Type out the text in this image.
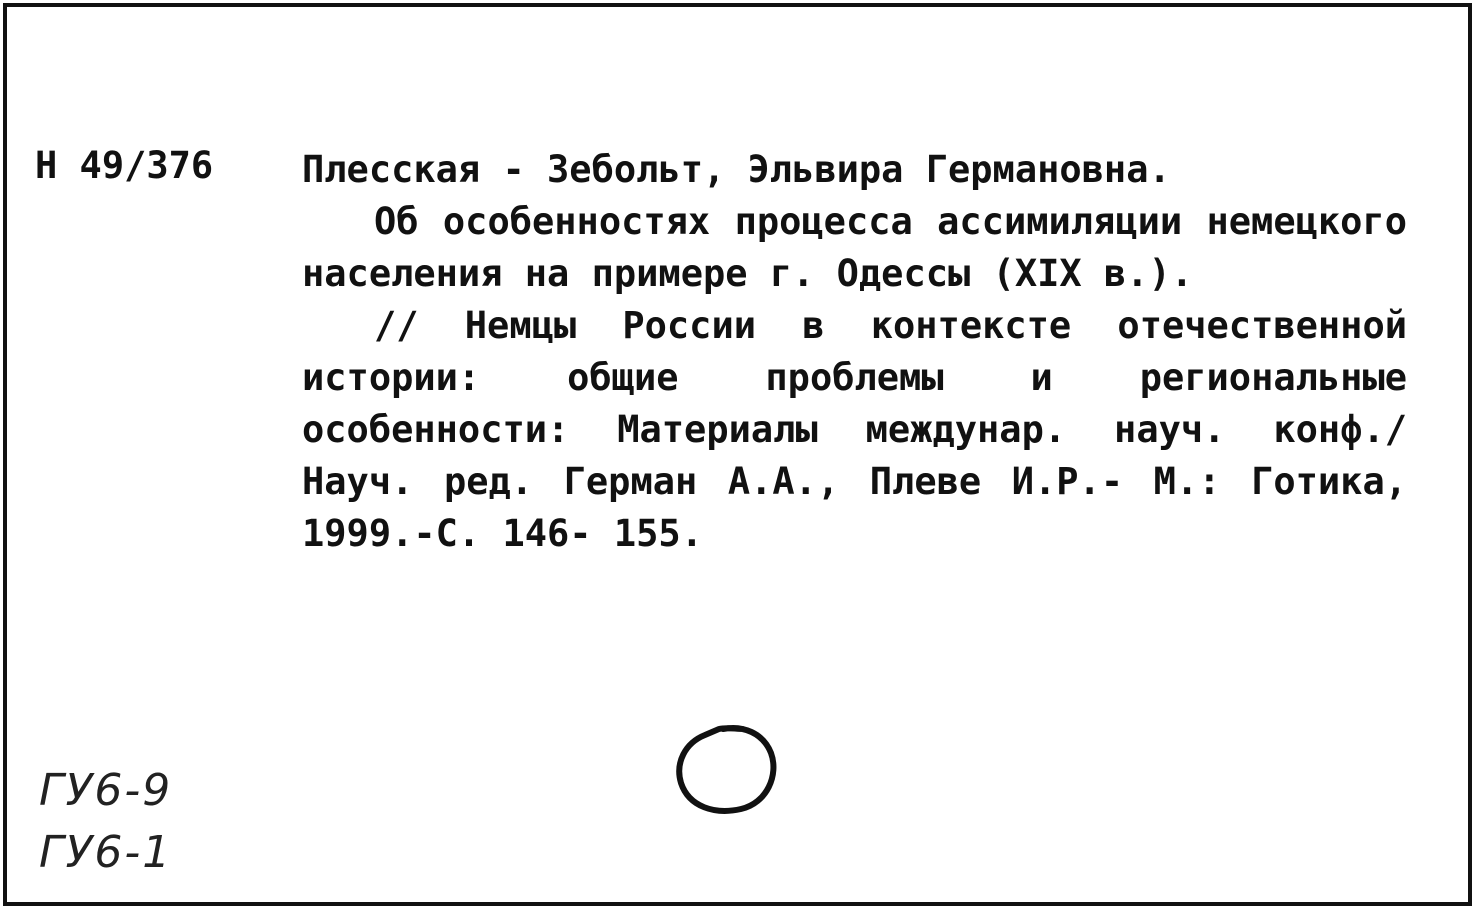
Н 49/376 Плесская - Зебольт, Эльвира Германовна.

Об особенностях процесса ассимиляции немецкого населения на примере г. Одессы (XIX в.).

// Немцы России в контексте отечественной истории: общие проблемы и региональные особенности: Материалы междунар. науч. конф./ Науч. ред. Герман А.А., Плеве И.Р.- М.: Готика, 1999.-С. 146- 155.

ГУ6-9
ГУ6-1
